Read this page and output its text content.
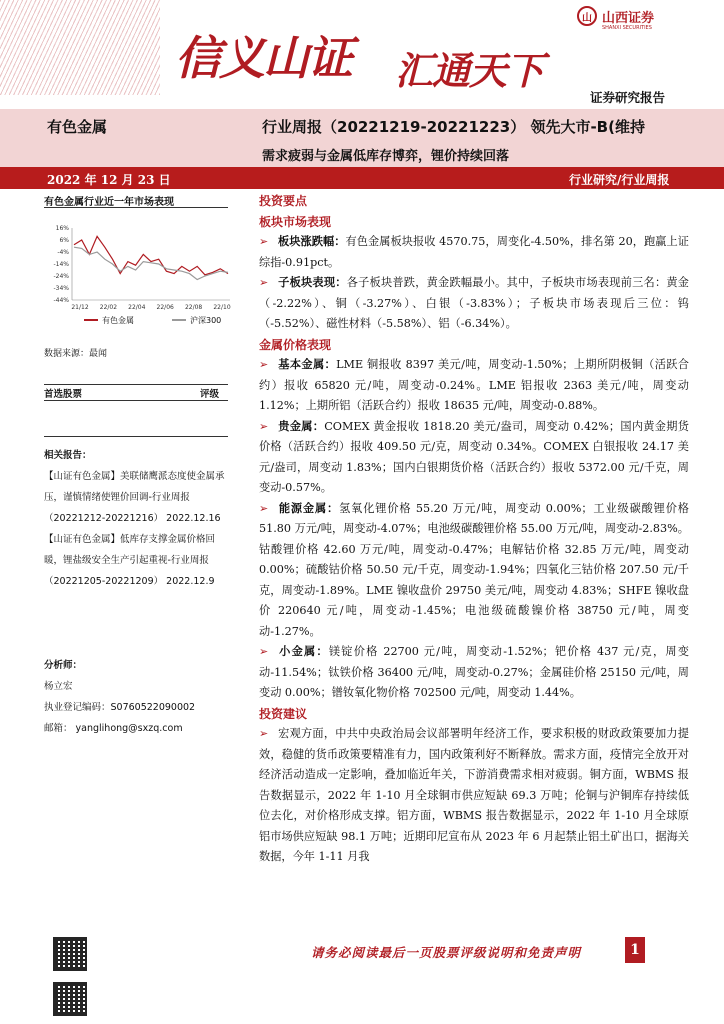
信义山证 汇通天下
山 山西证券
SHANXI SECURITIES
证券研究报告
有色金属	行业周报（20221219-20221223） 领先大市-B(维持
需求疲弱与金属低库存博弈，锂价持续回落
2022 年 12 月 23 日	行业研究/行业周报
有色金属行业近一年市场表现
16%
6%
-4%
-14%
-24%
-34%
-44%
21/12 22/02 22/04 22/06 22/08 22/10
有色金属	沪深300
数据来源：最闻
首选股票	评级

相关报告：

【山证有色金属】美联储鹰派态度使金属承压，谨慎情绪使锂价回调-行业周报（20221212-20221216） 2022.12.16

【山证有色金属】低库存支撑金属价格回暖，锂盐级安全生产引起重视-行业周报（20221205-20221209） 2022.12.9

分析师：

杨立宏

执业登记编码：S0760522090002

邮箱： yanglihong@sxzq.com

投资要点
板块市场表现

➢ 板块涨跌幅：有色金属板块报收 4570.75，周变化-4.50%，排名第 20，跑赢上证综指-0.91pct。

➢ 子板块表现：各子板块普跌，黄金跌幅最小。其中，子板块市场表现前三名：黄金（-2.22%）、铜（-3.27%）、白银（-3.83%）；子板块市场表现后三位：钨（-5.52%）、磁性材料（-5.58%）、铝（-6.34%）。

金属价格表现

➢ 基本金属：LME 铜报收 8397 美元/吨，周变动-1.50%；上期所阴极铜（活跃合约）报收 65820 元/吨，周变动-0.24%。LME 铝报收 2363 美元/吨，周变动 1.12%；上期所铝（活跃合约）报收 18635 元/吨，周变动-0.88%。

➢ 贵金属：COMEX 黄金报收 1818.20 美元/盎司，周变动 0.42%；国内黄金期货价格（活跃合约）报收 409.50 元/克，周变动 0.34%。COMEX 白银报收 24.17 美元/盎司，周变动 1.83%；国内白银期货价格（活跃合约）报收 5372.00 元/千克，周变动-0.57%。

➢ 能源金属：氢氧化锂价格 55.20 万元/吨，周变动 0.00%；工业级碳酸锂价格 51.80 万元/吨，周变动-4.07%；电池级碳酸锂价格 55.00 万元/吨，周变动-2.83%。钴酸锂价格 42.60 万元/吨，周变动-0.47%；电解钴价格 32.85 万元/吨，周变动 0.00%；硫酸钴价格 50.50 元/千克，周变动-1.94%；四氧化三钴价格 207.50 元/千克，周变动-1.89%。LME 镍收盘价 29750 美元/吨，周变动 4.83%；SHFE 镍收盘价 220640 元/吨，周变动-1.45%；电池级硫酸镍价格 38750 元/吨，周变动-1.27%。

➢ 小金属：镁锭价格 22700 元/吨，周变动-1.52%；钯价格 437 元/克，周变动-11.54%；钛铁价格 36400 元/吨，周变动-0.27%；金属硅价格 25150 元/吨，周变动 0.00%；镨钕氧化物价格 702500 元/吨，周变动 1.44%。

投资建议

➢ 宏观方面，中共中央政治局会议部署明年经济工作，要求积极的财政政策要加力提效，稳健的货币政策要精准有力，国内政策利好不断释放。需求方面，疫情完全放开对经济活动造成一定影响，叠加临近年关，下游消费需求相对疲弱。铜方面，WBMS 报告数据显示，2022 年 1-10 月全球铜市供应短缺 69.3 万吨；伦铜与沪铜库存持续低位去化，对价格形成支撑。铝方面，WBMS 报告数据显示，2022 年 1-10 月全球原铝市场供应短缺 98.1 万吨；近期印尼宣布从 2023 年 6 月起禁止铝土矿出口，据海关数据，今年 1-11 月我

请务必阅读最后一页股票评级说明和免责声明	1
